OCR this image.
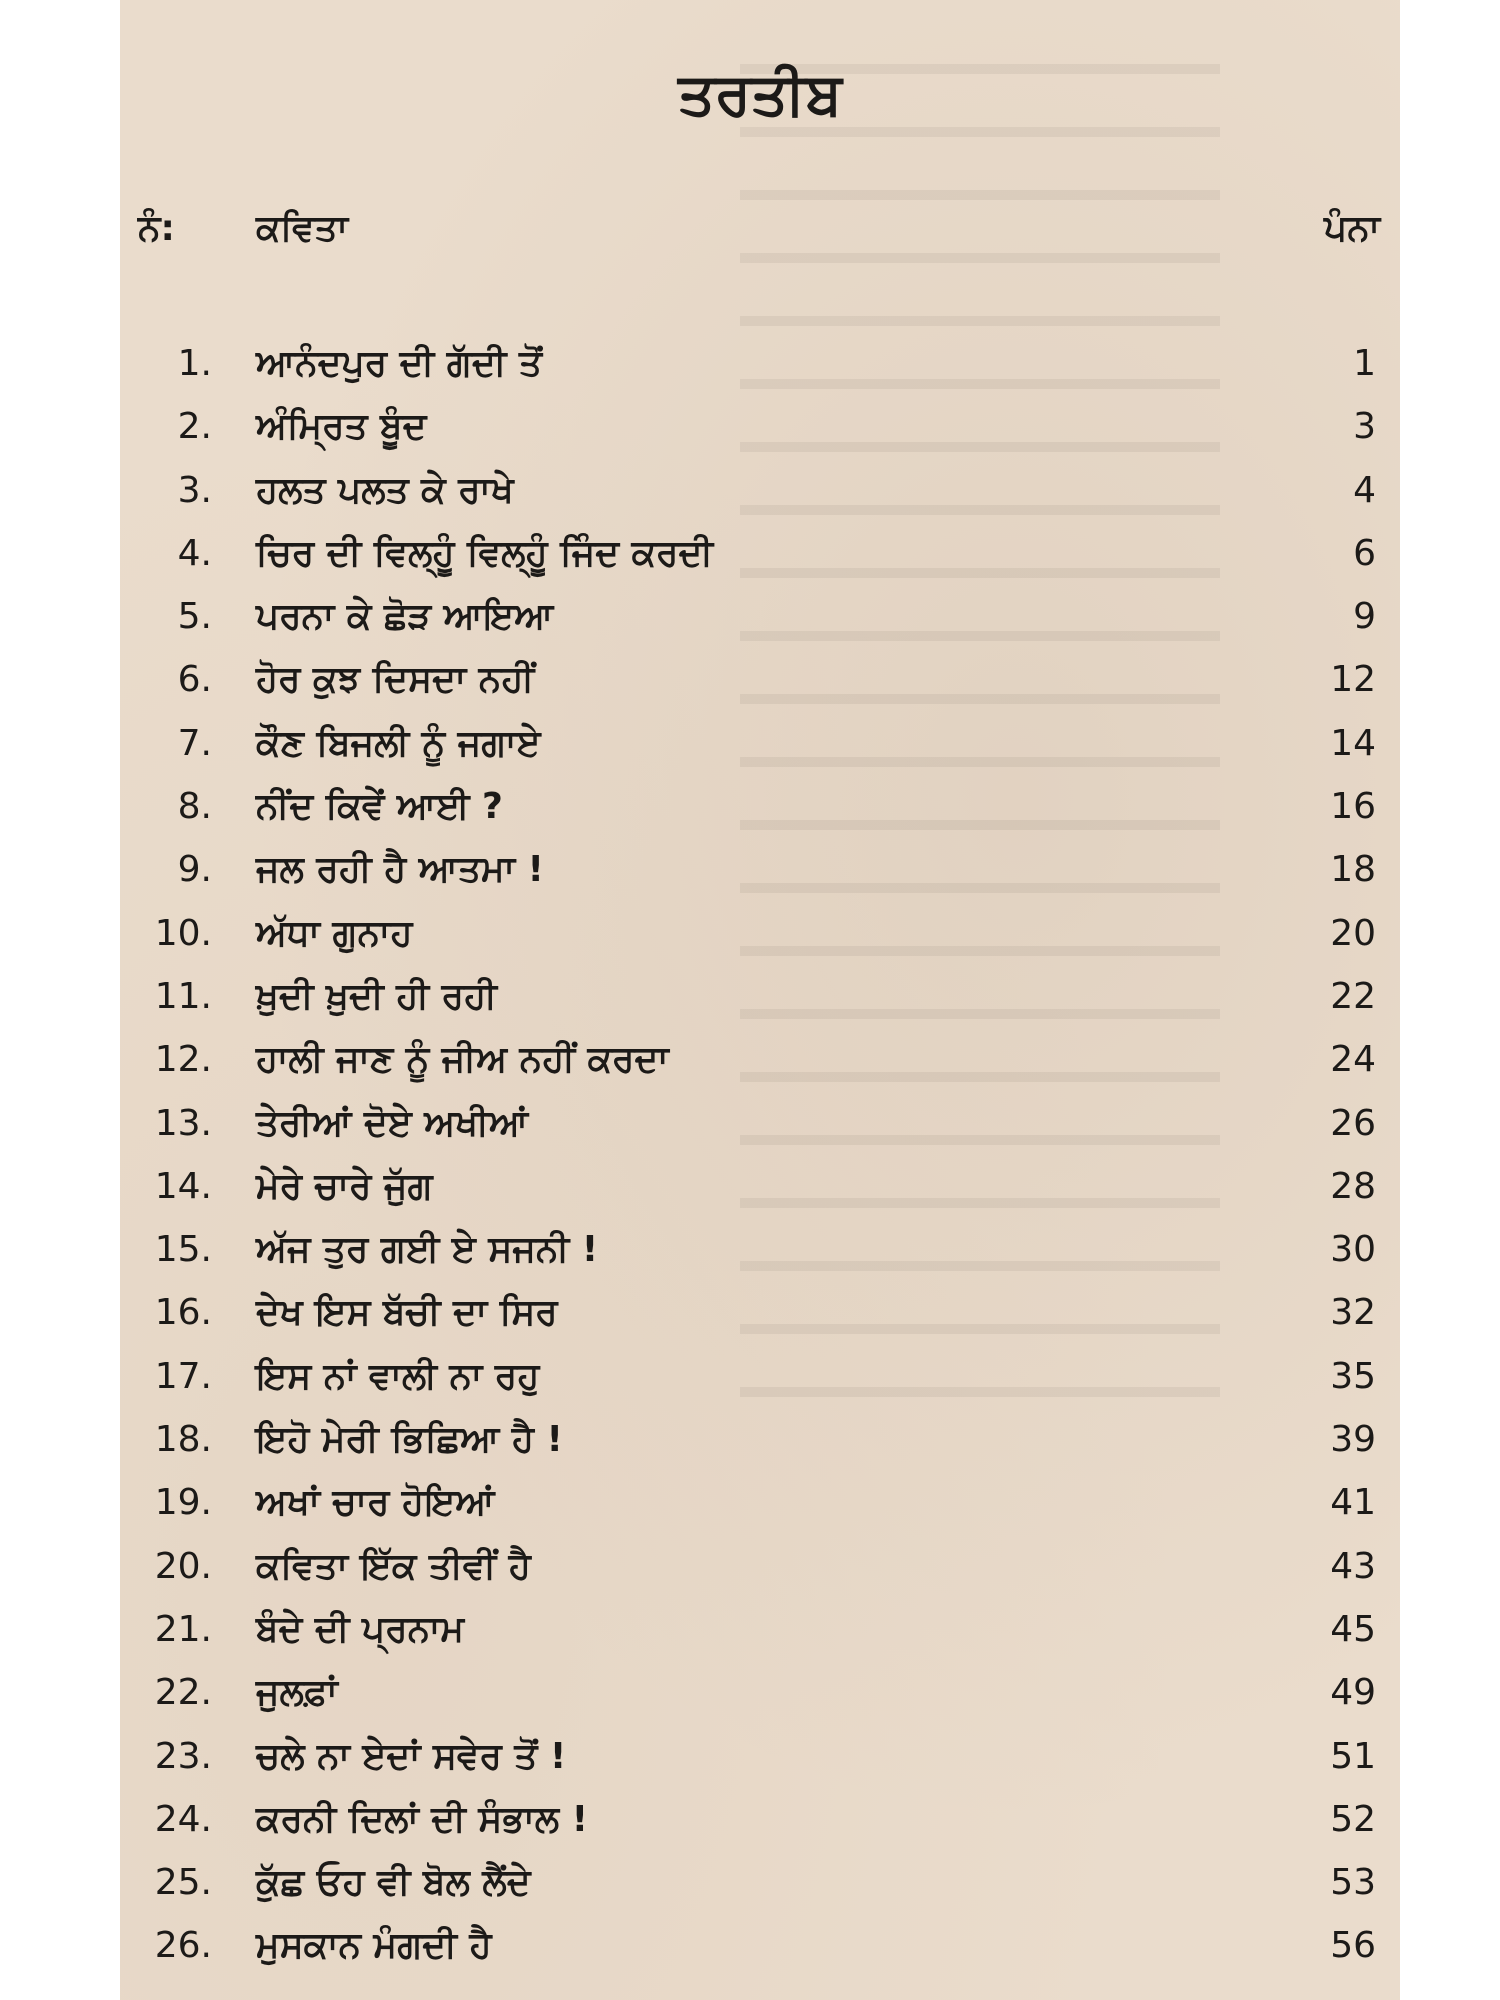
ਤਰਤੀਬ
ਨੰ: ਕਵਿਤਾ	ਪੰਨਾ
1. ਆਨੰਦਪੁਰ ਦੀ ਗੱਦੀ ਤੋਂ	1
2. ਅੰਮ੍ਰਿਤ ਬੂੰਦ	3
3. ਹਲਤ ਪਲਤ ਕੇ ਰਾਖੇ	4
4. ਚਿਰ ਦੀ ਵਿਲ੍ਹੂੰ ਵਿਲ੍ਹੂੰ ਜਿੰਦ ਕਰਦੀ	6
5. ਪਰਨਾ ਕੇ ਛੋੜ ਆਇਆ	9
6. ਹੋਰ ਕੁਝ ਦਿਸਦਾ ਨਹੀਂ	12
7. ਕੌਣ ਬਿਜਲੀ ਨੂੰ ਜਗਾਏ	14
8. ਨੀਂਦ ਕਿਵੇਂ ਆਈ ?	16
9. ਜਲ ਰਹੀ ਹੈ ਆਤਮਾ !	18
10. ਅੱਧਾ ਗੁਨਾਹ	20
11. ਖ਼ੁਦੀ ਖ਼ੁਦੀ ਹੀ ਰਹੀ	22
12. ਹਾਲੀ ਜਾਣ ਨੂੰ ਜੀਅ ਨਹੀਂ ਕਰਦਾ	24
13. ਤੇਰੀਆਂ ਦੋਏ ਅਖੀਆਂ	26
14. ਮੇਰੇ ਚਾਰੇ ਜੁੱਗ	28
15. ਅੱਜ ਤੁਰ ਗਈ ਏ ਸਜਨੀ !	30
16. ਦੇਖ ਇਸ ਬੱਚੀ ਦਾ ਸਿਰ	32
17. ਇਸ ਨਾਂ ਵਾਲੀ ਨਾ ਰਹੁ	35
18. ਇਹੋ ਮੇਰੀ ਭਿਛਿਆ ਹੈ !	39
19. ਅਖਾਂ ਚਾਰ ਹੋਇਆਂ	41
20. ਕਵਿਤਾ ਇੱਕ ਤੀਵੀਂ ਹੈ	43
21. ਬੰਦੇ ਦੀ ਪ੍ਰਨਾਮ	45
22. ਜੁਲਫ਼ਾਂ	49
23. ਚਲੇ ਨਾ ਏਦਾਂ ਸਵੇਰ ਤੋਂ !	51
24. ਕਰਨੀ ਦਿਲਾਂ ਦੀ ਸੰਭਾਲ !	52
25. ਕੁੱਛ ਓਹ ਵੀ ਬੋਲ ਲੈਂਦੇ	53
26. ਮੁਸਕਾਨ ਮੰਗਦੀ ਹੈ	56
